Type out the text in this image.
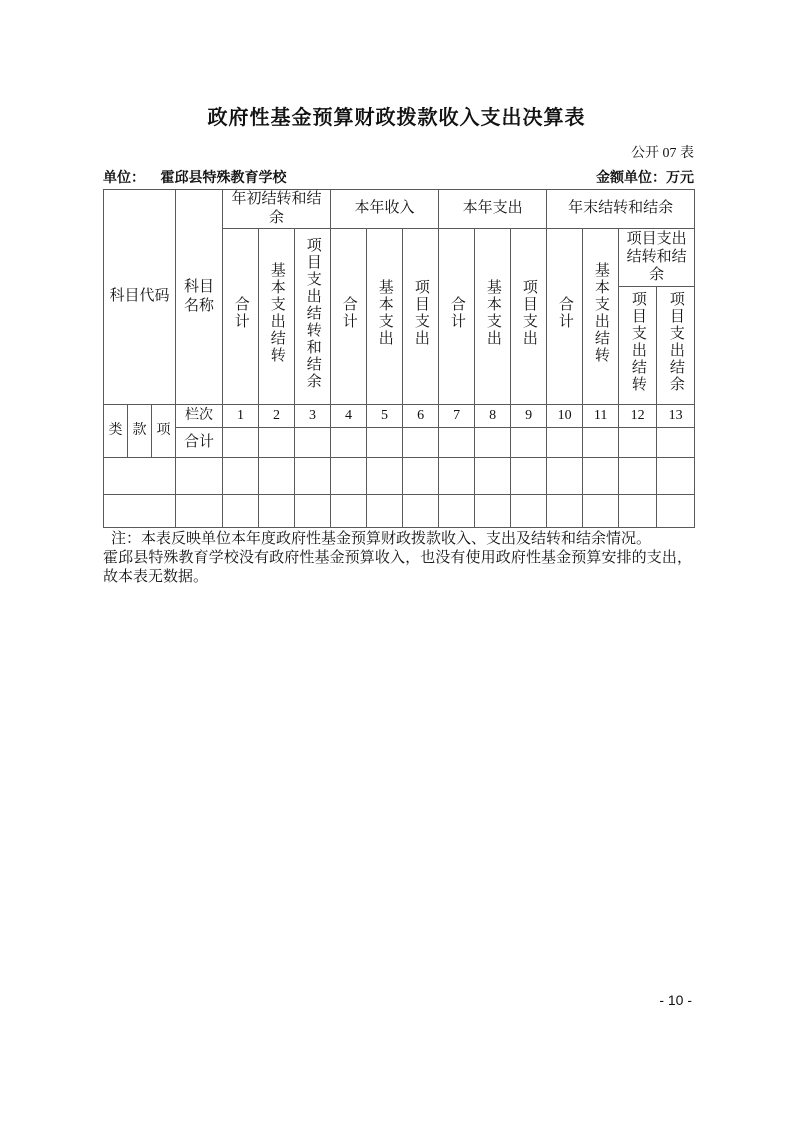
政府性基金预算财政拨款收入支出决算表
公开 07 表
金额单位：万元
单位： 霍邱县特殊教育学校
科目代码			科目名称	年初结转和结余			本年收入			本年支出			年末结转和结余			
				合计	基本支出结转	项目支出结转和结余	合计	基本支出	项目支出	合计	基本支出	项目支出	合计	基本支出结转	项目支出结转和结余	
															项目支出结转	项目支出结余
类	款	项	栏次	1	2	3	4	5	6	7	8	9	10	11	12	13
			合计													

注：本表反映单位本年度政府性基金预算财政拨款收入、支出及结转和结余情况。
霍邱县特殊教育学校没有政府性基金预算收入，也没有使用政府性基金预算安排的支出，故本表无数据。
- 10 -
